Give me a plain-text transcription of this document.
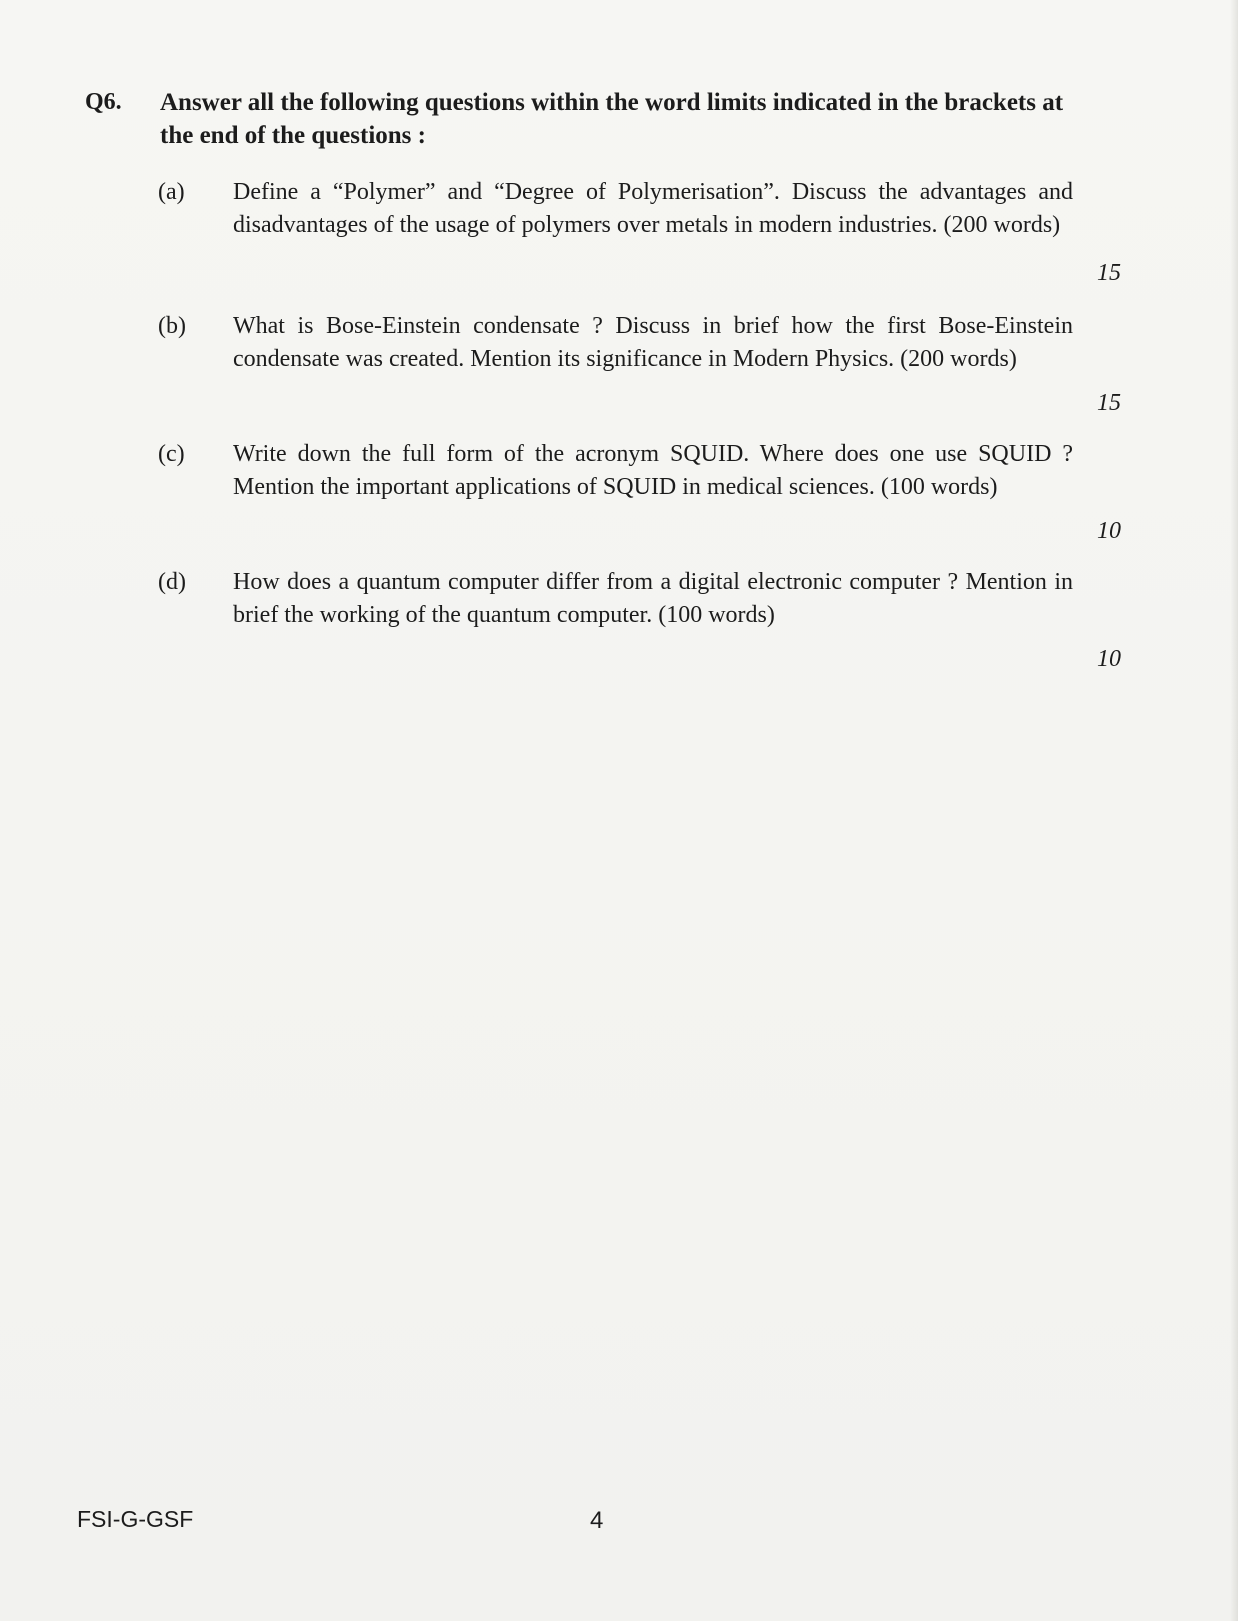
Q6. Answer all the following questions within the word limits indicated in the brackets at the end of the questions :
(a) Define a “Polymer” and “Degree of Polymerisation”. Discuss the advantages and disadvantages of the usage of polymers over metals in modern industries. (200 words)
15
(b) What is Bose-Einstein condensate ? Discuss in brief how the first Bose-Einstein condensate was created. Mention its significance in Modern Physics. (200 words)
15
(c) Write down the full form of the acronym SQUID. Where does one use SQUID ? Mention the important applications of SQUID in medical sciences. (100 words)
10
(d) How does a quantum computer differ from a digital electronic computer ? Mention in brief the working of the quantum computer. (100 words)
10
FSI-G-GSF	4
